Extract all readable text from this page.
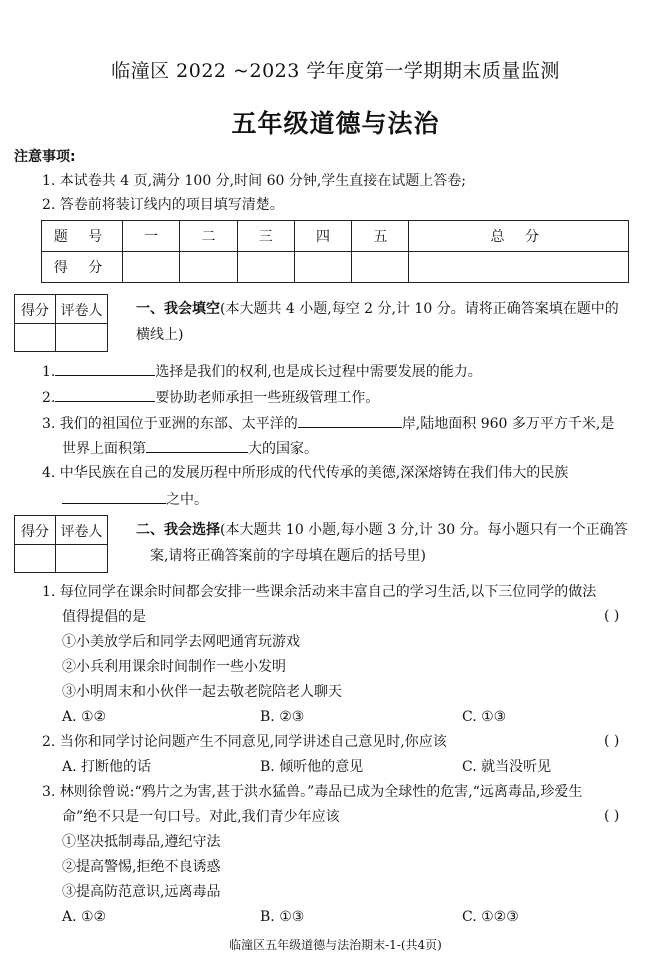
临潼区 2022 ~2023 学年度第一学期期末质量监测
五年级道德与法治
注意事项:
1. 本试卷共 4 页,满分 100 分,时间 60 分钟,学生直接在试题上答卷;
2. 答卷前将装订线内的项目填写清楚。
题 号	一	二	三	四	五	总 分
得 分						
得分 评卷人	一、我会填空(本大题共 4 小题,每空 2 分,计 10 分。请将正确答案填在题中的
横线上)
1.	选择是我们的权利,也是成长过程中需要发展的能力。
2.	要协助老师承担一些班级管理工作。
3. 我们的祖国位于亚洲的东部、太平洋的	岸,陆地面积 960 多万平方千米,是
世界上面积第	大的国家。
4. 中华民族在自己的发展历程中所形成的代代传承的美德,深深熔铸在我们伟大的民族
之中。
得分 评卷人	二、我会选择(本大题共 10 小题,每小题 3 分,计 30 分。每小题只有一个正确答
案,请将正确答案前的字母填在题后的括号里)
1. 每位同学在课余时间都会安排一些课余活动来丰富自己的学习生活,以下三位同学的做法
值得提倡的是	( )
①小美放学后和同学去网吧通宵玩游戏
②小兵利用课余时间制作一些小发明
③小明周末和小伙伴一起去敬老院陪老人聊天
A. ①②	B. ②③	C. ①③
2. 当你和同学讨论问题产生不同意见,同学讲述自己意见时,你应该	( )
A. 打断他的话	B. 倾听他的意见	C. 就当没听见
3. 林则徐曾说:“鸦片之为害,甚于洪水猛兽。”毒品已成为全球性的危害,“远离毒品,珍爱生
命”绝不只是一句口号。对此,我们青少年应该	( )
①坚决抵制毒品,遵纪守法
②提高警惕,拒绝不良诱惑
③提高防范意识,远离毒品
A. ①②	B. ①③	C. ①②③
临潼区五年级道德与法治期末-1-(共4页)
